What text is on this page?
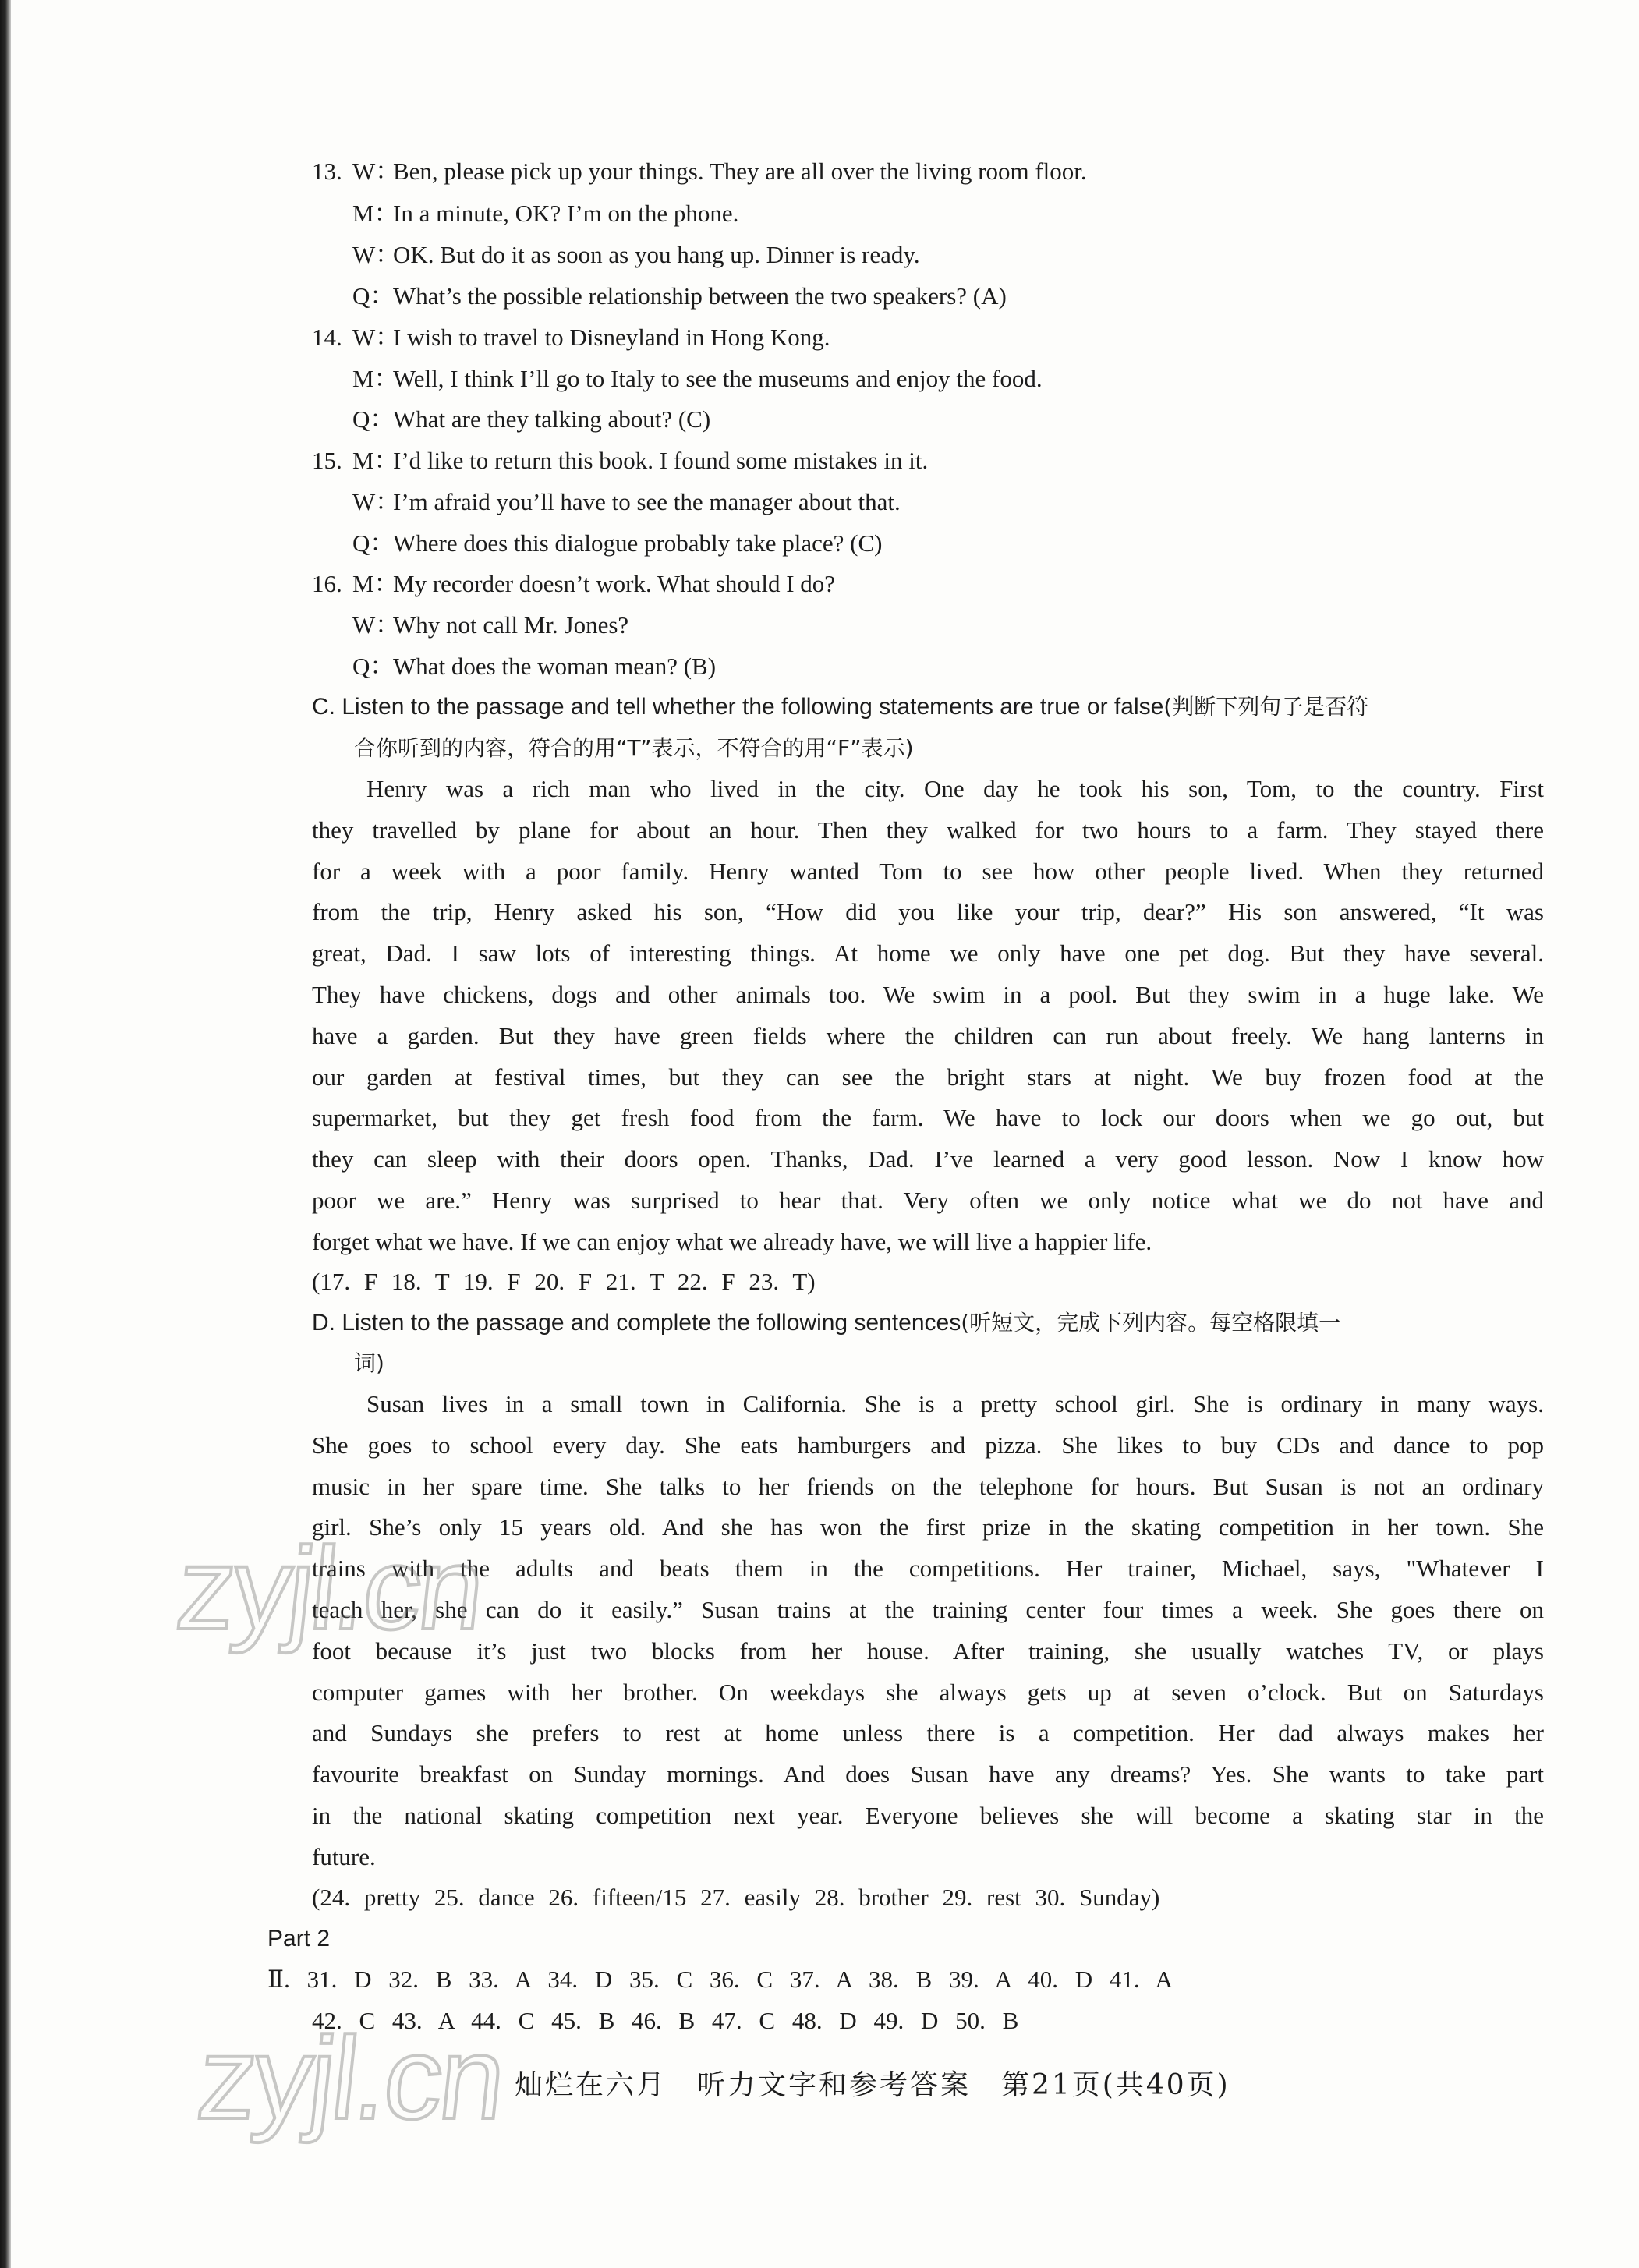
13. W：Ben, please pick up your things. They are all over the living room floor.
M：In a minute, OK? I’m on the phone.
W：OK. But do it as soon as you hang up. Dinner is ready.
Q：What’s the possible relationship between the two speakers? (A)
14. W：I wish to travel to Disneyland in Hong Kong.
M：Well, I think I’ll go to Italy to see the museums and enjoy the food.
Q：What are they talking about? (C)
15. M：I’d like to return this book. I found some mistakes in it.
W：I’m afraid you’ll have to see the manager about that.
Q：Where does this dialogue probably take place? (C)
16. M：My recorder doesn’t work. What should I do?
W：Why not call Mr. Jones?
Q：What does the woman mean? (B)
C. Listen to the passage and tell whether the following statements are true or false(判断下列句子是否符
合你听到的内容，符合的用“T”表示，不符合的用“F”表示)
Henry was a rich man who lived in the city. One day he took his son, Tom, to the country. First
they travelled by plane for about an hour. Then they walked for two hours to a farm. They stayed there
for a week with a poor family. Henry wanted Tom to see how other people lived. When they returned
from the trip, Henry asked his son, “How did you like your trip, dear?” His son answered, “It was
great, Dad. I saw lots of interesting things. At home we only have one pet dog. But they have several.
They have chickens, dogs and other animals too. We swim in a pool. But they swim in a huge lake. We
have a garden. But they have green fields where the children can run about freely. We hang lanterns in
our garden at festival times, but they can see the bright stars at night. We buy frozen food at the
supermarket, but they get fresh food from the farm. We have to lock our doors when we go out, but
they can sleep with their doors open. Thanks, Dad. I’ve learned a very good lesson. Now I know how
poor we are.” Henry was surprised to hear that. Very often we only notice what we do not have and
forget what we have. If we can enjoy what we already have, we will live a happier life.
(17. F 18. T 19. F 20. F 21. T 22. F 23. T)
D. Listen to the passage and complete the following sentences(听短文，完成下列内容。每空格限填一
词)
Susan lives in a small town in California. She is a pretty school girl. She is ordinary in many ways.
She goes to school every day. She eats hamburgers and pizza. She likes to buy CDs and dance to pop
music in her spare time. She talks to her friends on the telephone for hours. But Susan is not an ordinary
girl. She’s only 15 years old. And she has won the first prize in the skating competition in her town. She
trains with the adults and beats them in the competitions. Her trainer, Michael, says, "Whatever I
teach her, she can do it easily.” Susan trains at the training center four times a week. She goes there on
foot because it’s just two blocks from her house. After training, she usually watches TV, or plays
computer games with her brother. On weekdays she always gets up at seven o’clock. But on Saturdays
and Sundays she prefers to rest at home unless there is a competition. Her dad always makes her
favourite breakfast on Sunday mornings. And does Susan have any dreams? Yes. She wants to take part
in the national skating competition next year. Everyone believes she will become a skating star in the
future.
(24. pretty 25. dance 26. fifteen/15 27. easily 28. brother 29. rest 30. Sunday)
Part 2
Ⅱ. 31. D 32. B 33. A 34. D 35. C 36. C 37. A 38. B 39. A 40. D 41. A
42. C 43. A 44. C 45. B 46. B 47. C 48. D 49. D 50. B
灿烂在六月　听力文字和参考答案　第21页(共40页)
zyjl.cn
zyjl.cn
